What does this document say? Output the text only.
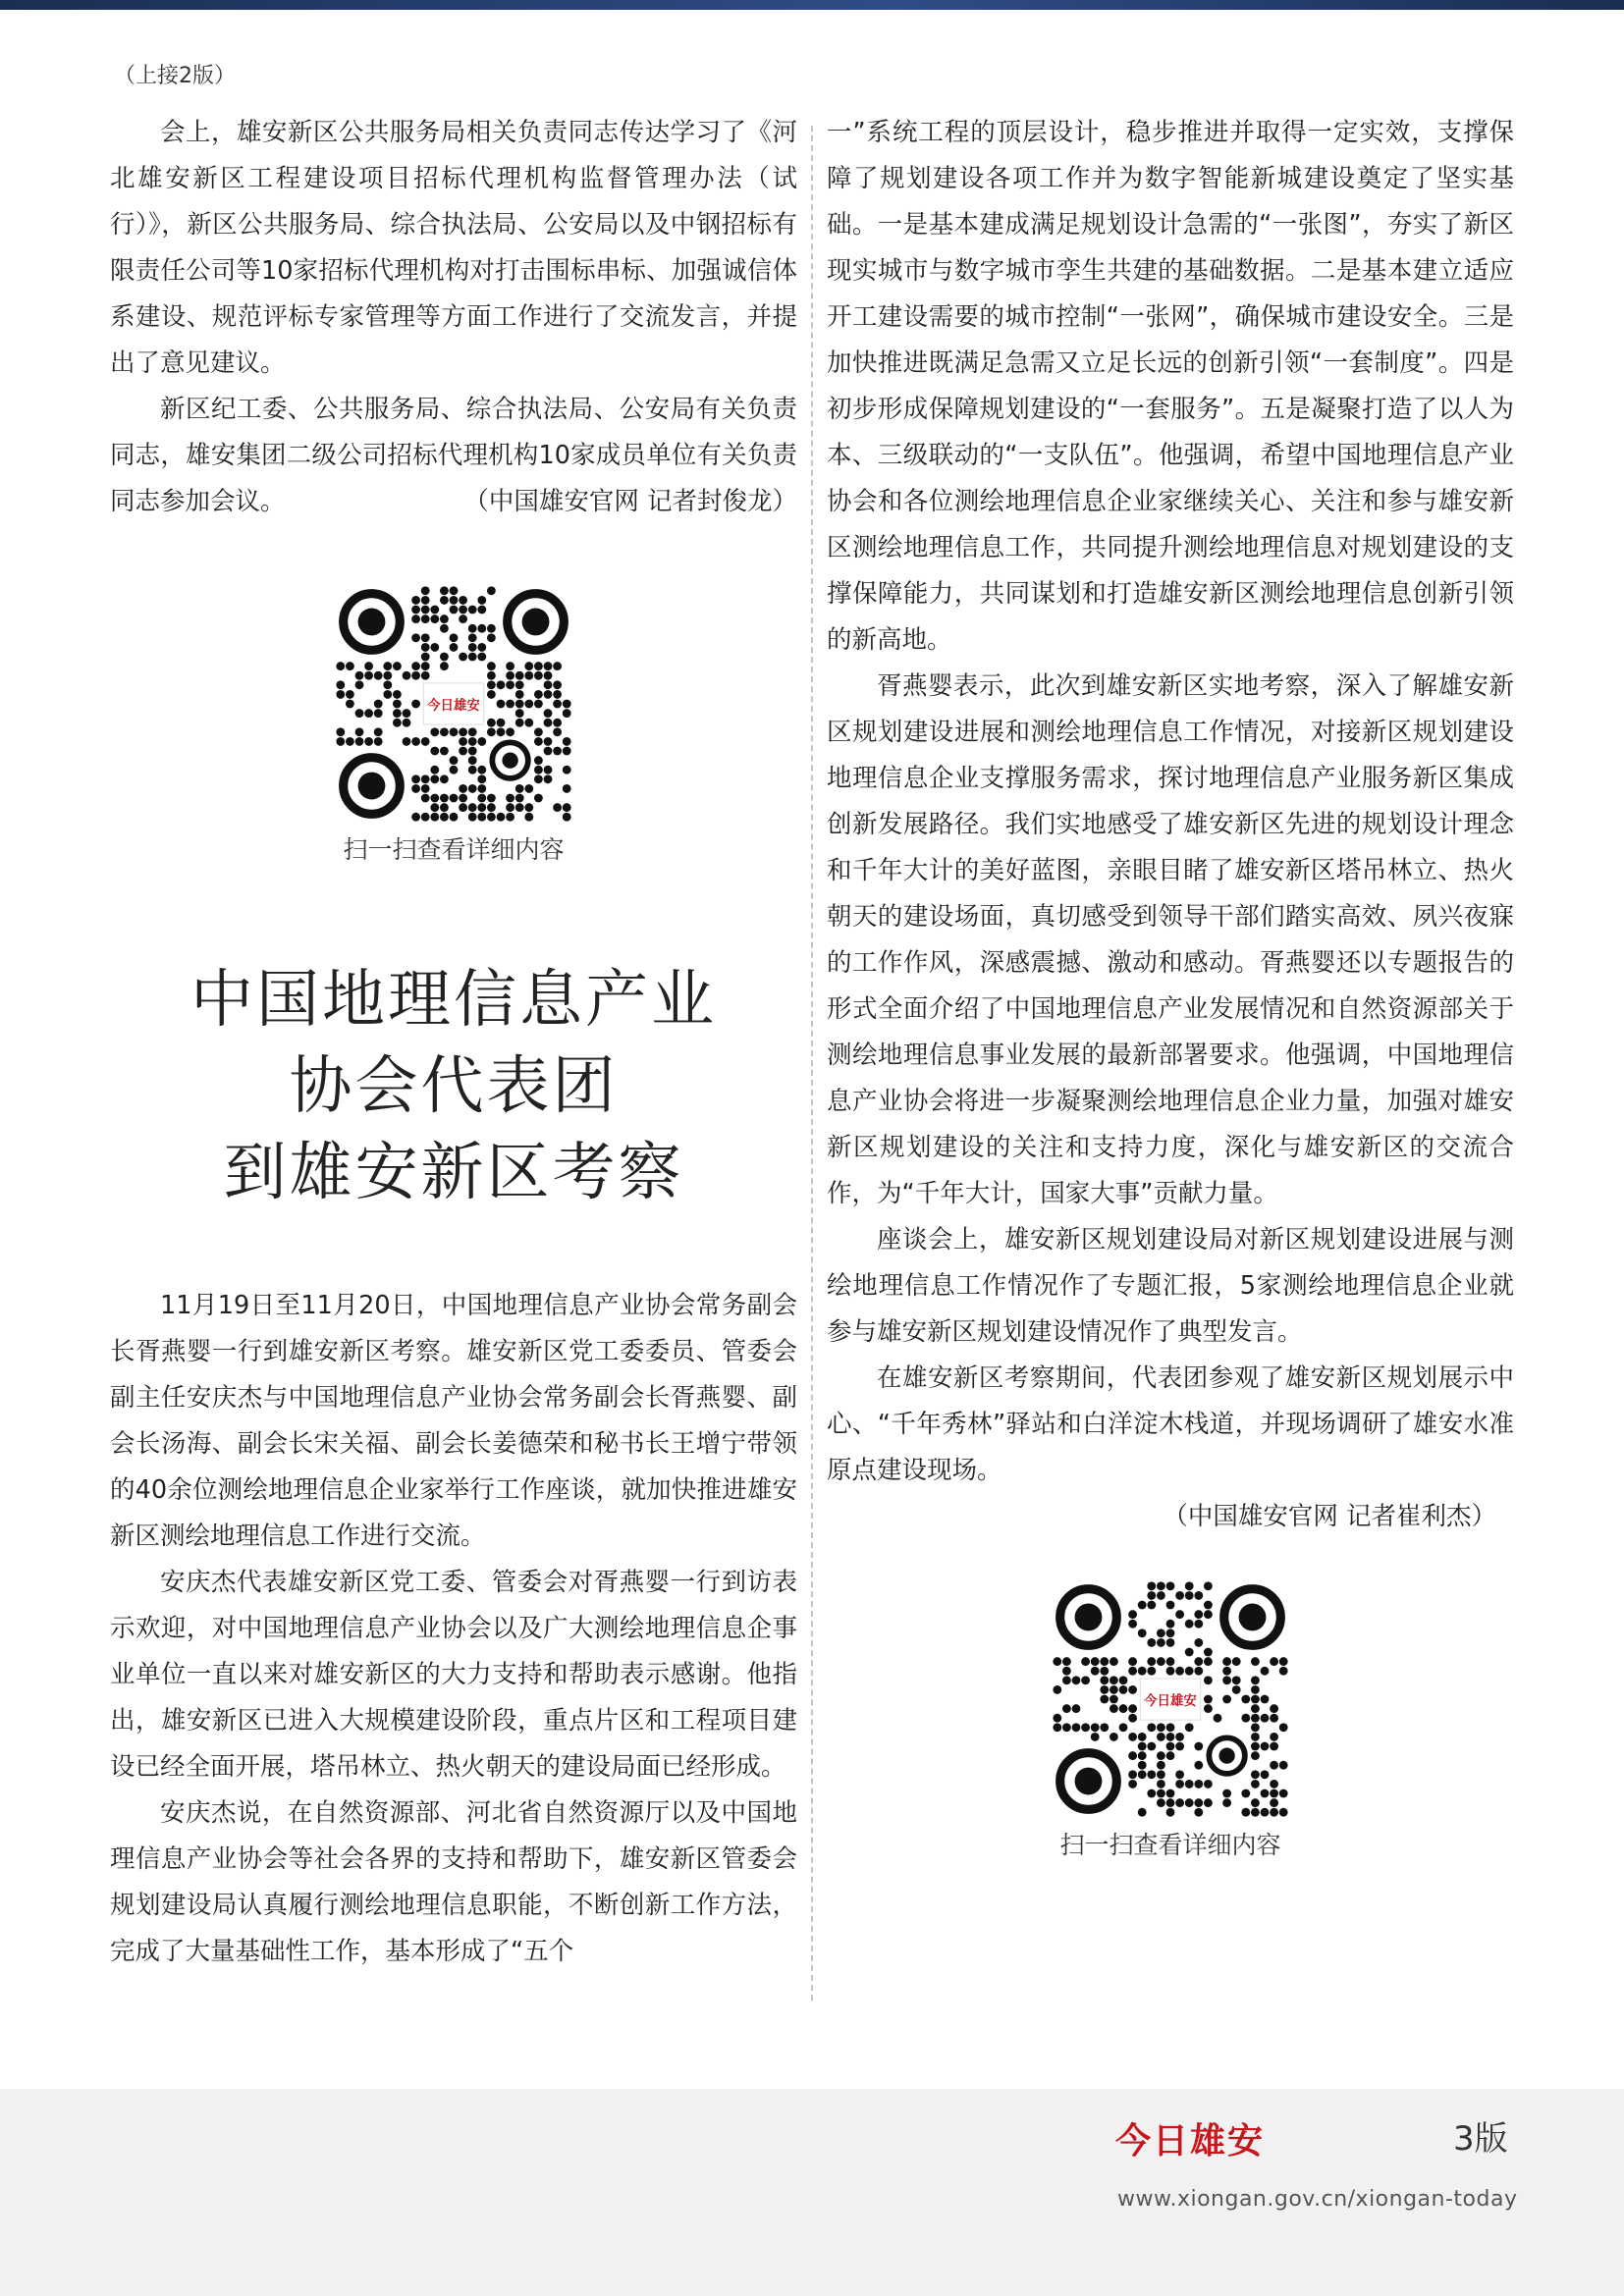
（上接2版）

会上，雄安新区公共服务局相关负责同志传达学习了《河北雄安新区工程建设项目招标代理机构监督管理办法（试行）》，新区公共服务局、综合执法局、公安局以及中钢招标有限责任公司等10家招标代理机构对打击围标串标、加强诚信体系建设、规范评标专家管理等方面工作进行了交流发言，并提出了意见建议。

新区纪工委、公共服务局、综合执法局、公安局有关负责同志，雄安集团二级公司招标代理机构10家成员单位有关负责同志参加会议。	（中国雄安官网 记者封俊龙）

今日雄安
扫一扫查看详细内容
中国地理信息产业
协会代表团
到雄安新区考察

11月19日至11月20日，中国地理信息产业协会常务副会长胥燕婴一行到雄安新区考察。雄安新区党工委委员、管委会副主任安庆杰与中国地理信息产业协会常务副会长胥燕婴、副会长汤海、副会长宋关福、副会长姜德荣和秘书长王增宁带领的40余位测绘地理信息企业家举行工作座谈，就加快推进雄安新区测绘地理信息工作进行交流。

安庆杰代表雄安新区党工委、管委会对胥燕婴一行到访表示欢迎，对中国地理信息产业协会以及广大测绘地理信息企事业单位一直以来对雄安新区的大力支持和帮助表示感谢。他指出，雄安新区已进入大规模建设阶段，重点片区和工程项目建设已经全面开展，塔吊林立、热火朝天的建设局面已经形成。

安庆杰说，在自然资源部、河北省自然资源厅以及中国地理信息产业协会等社会各界的支持和帮助下，雄安新区管委会规划建设局认真履行测绘地理信息职能，不断创新工作方法，完成了大量基础性工作，基本形成了“五个

一”系统工程的顶层设计，稳步推进并取得一定实效，支撑保障了规划建设各项工作并为数字智能新城建设奠定了坚实基础。一是基本建成满足规划设计急需的“一张图”，夯实了新区现实城市与数字城市孪生共建的基础数据。二是基本建立适应开工建设需要的城市控制“一张网”，确保城市建设安全。三是加快推进既满足急需又立足长远的创新引领“一套制度”。四是初步形成保障规划建设的“一套服务”。五是凝聚打造了以人为本、三级联动的“一支队伍”。他强调，希望中国地理信息产业协会和各位测绘地理信息企业家继续关心、关注和参与雄安新区测绘地理信息工作，共同提升测绘地理信息对规划建设的支撑保障能力，共同谋划和打造雄安新区测绘地理信息创新引领的新高地。

胥燕婴表示，此次到雄安新区实地考察，深入了解雄安新区规划建设进展和测绘地理信息工作情况，对接新区规划建设地理信息企业支撑服务需求，探讨地理信息产业服务新区集成创新发展路径。我们实地感受了雄安新区先进的规划设计理念和千年大计的美好蓝图，亲眼目睹了雄安新区塔吊林立、热火朝天的建设场面，真切感受到领导干部们踏实高效、夙兴夜寐的工作作风，深感震撼、激动和感动。胥燕婴还以专题报告的形式全面介绍了中国地理信息产业发展情况和自然资源部关于测绘地理信息事业发展的最新部署要求。他强调，中国地理信息产业协会将进一步凝聚测绘地理信息企业力量，加强对雄安新区规划建设的关注和支持力度，深化与雄安新区的交流合作，为“千年大计，国家大事”贡献力量。

座谈会上，雄安新区规划建设局对新区规划建设进展与测绘地理信息工作情况作了专题汇报，5家测绘地理信息企业就参与雄安新区规划建设情况作了典型发言。

在雄安新区考察期间，代表团参观了雄安新区规划展示中心、“千年秀林”驿站和白洋淀木栈道，并现场调研了雄安水准原点建设现场。

（中国雄安官网 记者崔利杰）

今日雄安
扫一扫查看详细内容
今日雄安	3版
www.xiongan.gov.cn/xiongan-today
